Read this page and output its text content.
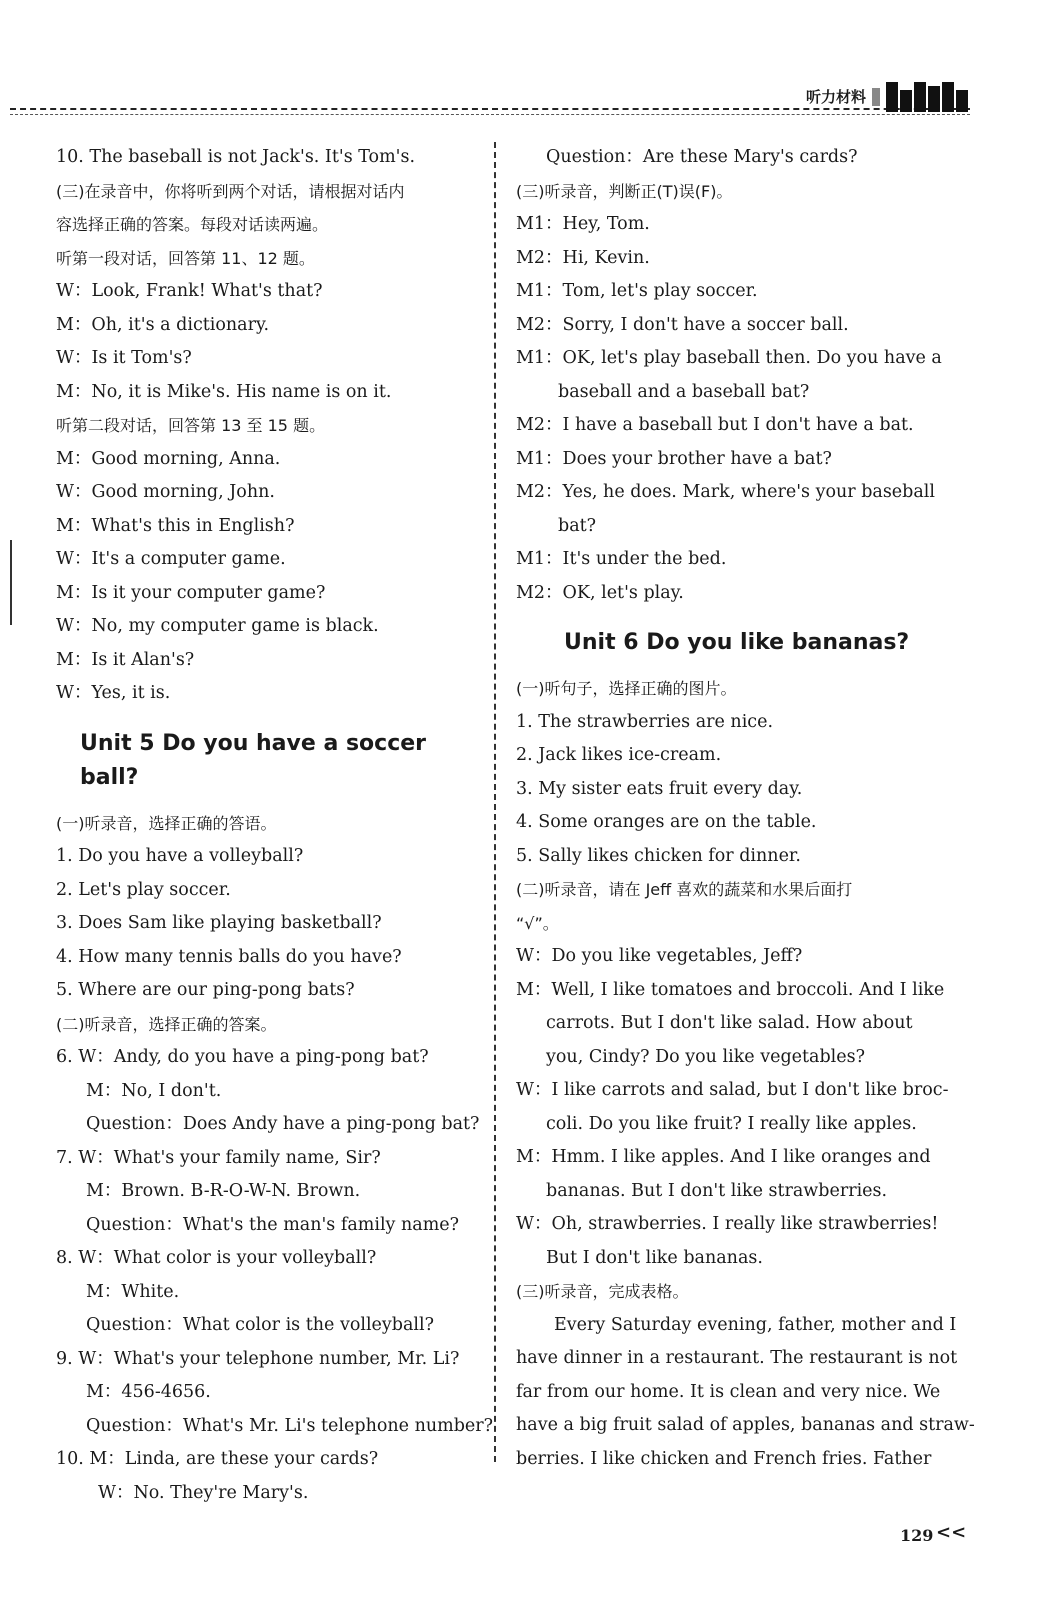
听力材料
10. The baseball is not Jack's. It's Tom's.
(三)在录音中，你将听到两个对话，请根据对话内
容选择正确的答案。每段对话读两遍。
听第一段对话，回答第 11、12 题。
W：Look, Frank! What's that?
M：Oh, it's a dictionary.
W：Is it Tom's?
M：No, it is Mike's. His name is on it.
听第二段对话，回答第 13 至 15 题。
M：Good morning, Anna.
W：Good morning, John.
M：What's this in English?
W：It's a computer game.
M：Is it your computer game?
W：No, my computer game is black.
M：Is it Alan's?
W：Yes, it is.
Unit 5 Do you have a soccer ball?
(一)听录音，选择正确的答语。
1. Do you have a volleyball?
2. Let's play soccer.
3. Does Sam like playing basketball?
4. How many tennis balls do you have?
5. Where are our ping-pong bats?
(二)听录音，选择正确的答案。
6. W：Andy, do you have a ping-pong bat?
M：No, I don't.
Question：Does Andy have a ping-pong bat?
7. W：What's your family name, Sir?
M：Brown. B-R-O-W-N. Brown.
Question：What's the man's family name?
8. W：What color is your volleyball?
M：White.
Question：What color is the volleyball?
9. W：What's your telephone number, Mr. Li?
M：456-4656.
Question：What's Mr. Li's telephone number?
10. M：Linda, are these your cards?
W：No. They're Mary's.
Question：Are these Mary's cards?
(三)听录音，判断正(T)误(F)。
M1：Hey, Tom.
M2：Hi, Kevin.
M1：Tom, let's play soccer.
M2：Sorry, I don't have a soccer ball.
M1：OK, let's play baseball then. Do you have a
baseball and a baseball bat?
M2：I have a baseball but I don't have a bat.
M1：Does your brother have a bat?
M2：Yes, he does. Mark, where's your baseball
bat?
M1：It's under the bed.
M2：OK, let's play.
Unit 6 Do you like bananas?
(一)听句子，选择正确的图片。
1. The strawberries are nice.
2. Jack likes ice-cream.
3. My sister eats fruit every day.
4. Some oranges are on the table.
5. Sally likes chicken for dinner.
(二)听录音，请在 Jeff 喜欢的蔬菜和水果后面打
“√”。
W：Do you like vegetables, Jeff?
M：Well, I like tomatoes and broccoli. And I like
carrots. But I don't like salad. How about
you, Cindy? Do you like vegetables?
W：I like carrots and salad, but I don't like broc-
coli. Do you like fruit? I really like apples.
M：Hmm. I like apples. And I like oranges and
bananas. But I don't like strawberries.
W：Oh, strawberries. I really like strawberries!
But I don't like bananas.
(三)听录音，完成表格。
Every Saturday evening, father, mother and I
have dinner in a restaurant. The restaurant is not
far from our home. It is clean and very nice. We
have a big fruit salad of apples, bananas and straw-
berries. I like chicken and French fries. Father
129 <<
